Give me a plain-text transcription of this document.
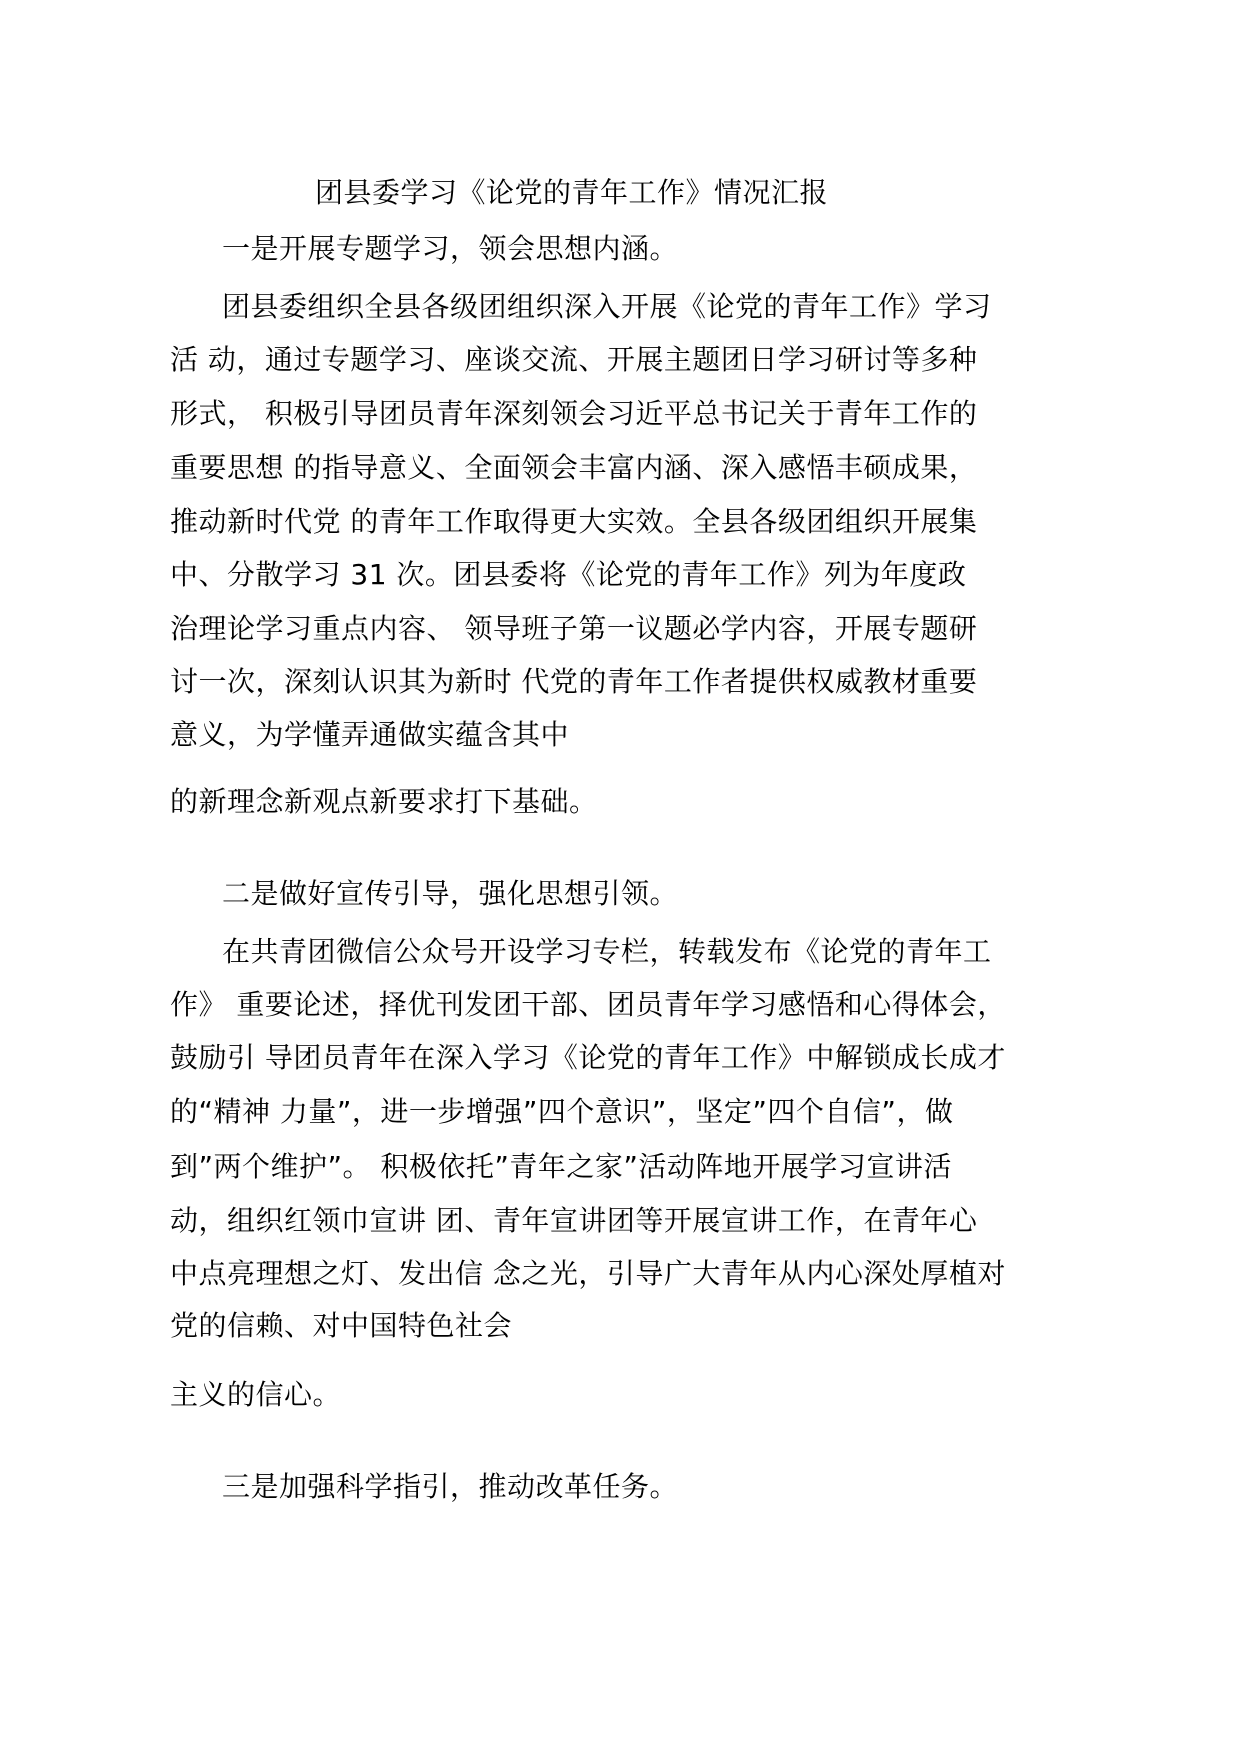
团县委学习《论党的青年工作》情况汇报

一是开展专题学习，领会思想内涵。

团县委组织全县各级团组织深入开展《论党的青年工作》学习

活 动，通过专题学习、座谈交流、开展主题团日学习研讨等多种

形式， 积极引导团员青年深刻领会习近平总书记关于青年工作的

重要思想 的指导意义、全面领会丰富内涵、深入感悟丰硕成果，

推动新时代党 的青年工作取得更大实效。全县各级团组织开展集

中、分散学习 31 次。团县委将《论党的青年工作》列为年度政

治理论学习重点内容、 领导班子第一议题必学内容，开展专题研

讨一次，深刻认识其为新时 代党的青年工作者提供权威教材重要

意义，为学懂弄通做实蕴含其中

的新理念新观点新要求打下基础。

二是做好宣传引导，强化思想引领。

在共青团微信公众号开设学习专栏，转载发布《论党的青年工

作》 重要论述，择优刊发团干部、团员青年学习感悟和心得体会，

鼓励引 导团员青年在深入学习《论党的青年工作》中解锁成长成才

的“精神 力量”，进一步增强”四个意识”，坚定”四个自信”，做

到”两个维护”。 积极依托”青年之家”活动阵地开展学习宣讲活

动，组织红领巾宣讲 团、青年宣讲团等开展宣讲工作，在青年心

中点亮理想之灯、发出信 念之光，引导广大青年从内心深处厚植对

党的信赖、对中国特色社会

主义的信心。

三是加强科学指引，推动改革任务。
